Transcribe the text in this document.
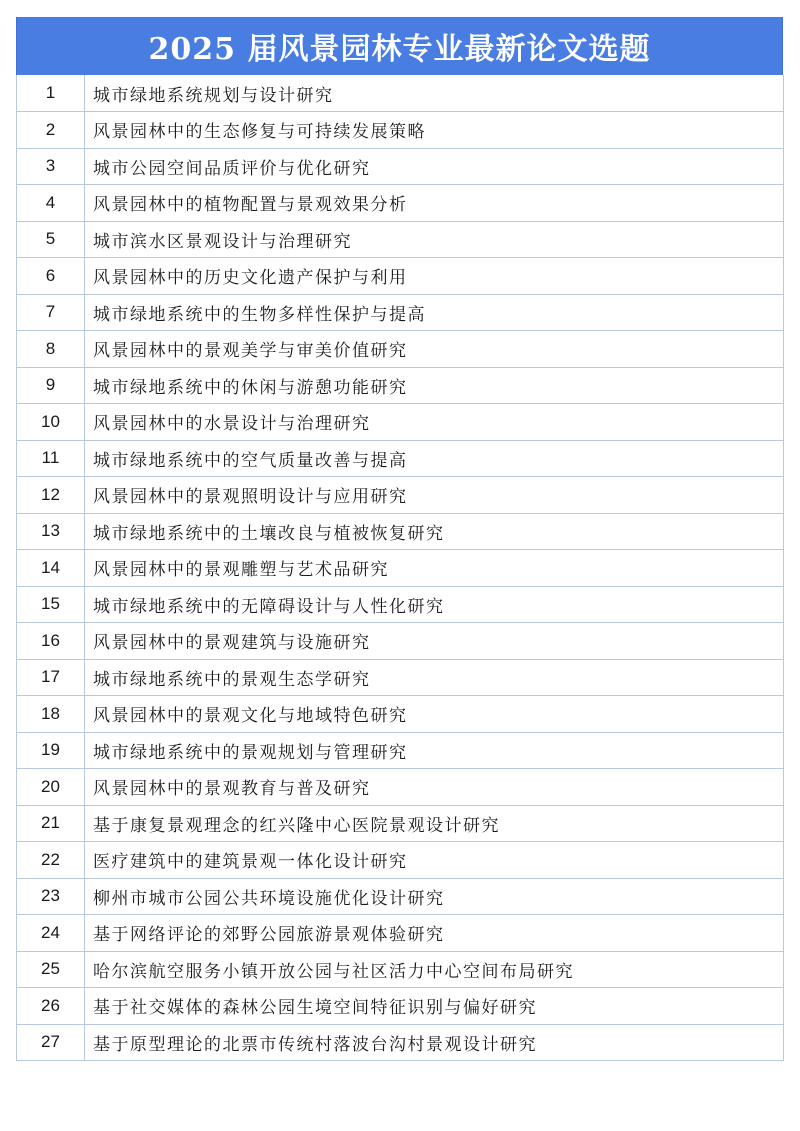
2025 届风景园林专业最新论文选题
1	城市绿地系统规划与设计研究
2	风景园林中的生态修复与可持续发展策略
3	城市公园空间品质评价与优化研究
4	风景园林中的植物配置与景观效果分析
5	城市滨水区景观设计与治理研究
6	风景园林中的历史文化遗产保护与利用
7	城市绿地系统中的生物多样性保护与提高
8	风景园林中的景观美学与审美价值研究
9	城市绿地系统中的休闲与游憩功能研究
10	风景园林中的水景设计与治理研究
11	城市绿地系统中的空气质量改善与提高
12	风景园林中的景观照明设计与应用研究
13	城市绿地系统中的土壤改良与植被恢复研究
14	风景园林中的景观雕塑与艺术品研究
15	城市绿地系统中的无障碍设计与人性化研究
16	风景园林中的景观建筑与设施研究
17	城市绿地系统中的景观生态学研究
18	风景园林中的景观文化与地域特色研究
19	城市绿地系统中的景观规划与管理研究
20	风景园林中的景观教育与普及研究
21	基于康复景观理念的红兴隆中心医院景观设计研究
22	医疗建筑中的建筑景观一体化设计研究
23	柳州市城市公园公共环境设施优化设计研究
24	基于网络评论的郊野公园旅游景观体验研究
25	哈尔滨航空服务小镇开放公园与社区活力中心空间布局研究
26	基于社交媒体的森林公园生境空间特征识别与偏好研究
27	基于原型理论的北票市传统村落波台沟村景观设计研究
